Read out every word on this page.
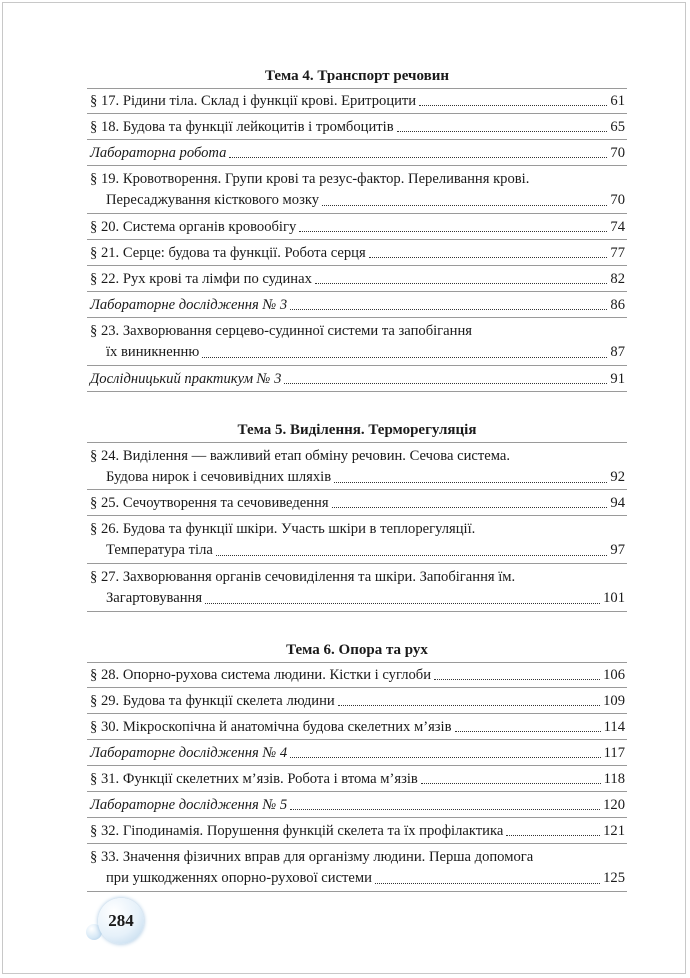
Тема 4. Транспорт речовин
§ 17. Рідини тіла. Склад і функції крові. Еритроцити	61
§ 18. Будова та функції лейкоцитів і тромбоцитів	65
Лабораторна робота	70
§ 19. Кровотворення. Групи крові та резус-фактор. Переливання крові.
Пересаджування кісткового мозку	70
§ 20. Система органів кровообігу	74
§ 21. Серце: будова та функції. Робота серця	77
§ 22. Рух крові та лімфи по судинах	82
Лабораторне дослідження № 3	86
§ 23. Захворювання серцево-судинної системи та запобігання
їх виникненню	87
Дослідницький практикум № 3	91
Тема 5. Виділення. Терморегуляція
§ 24. Виділення — важливий етап обміну речовин. Сечова система.
Будова нирок і сечовивідних шляхів	92
§ 25. Сечоутворення та сечовиведення	94
§ 26. Будова та функції шкіри. Участь шкіри в теплорегуляції.
Температура тіла	97
§ 27. Захворювання органів сечовиділення та шкіри. Запобігання їм.
Загартовування	101
Тема 6. Опора та рух
§ 28. Опорно-рухова система людини. Кістки і суглоби	106
§ 29. Будова та функції скелета людини	109
§ 30. Мікроскопічна й анатомічна будова скелетних м’язів	114
Лабораторне дослідження № 4	117
§ 31. Функції скелетних м’язів. Робота і втома м’язів	118
Лабораторне дослідження № 5	120
§ 32. Гіподинамія. Порушення функцій скелета та їх профілактика	121
§ 33. Значення фізичних вправ для організму людини. Перша допомога
при ушкодженнях опорно-рухової системи	125
284
